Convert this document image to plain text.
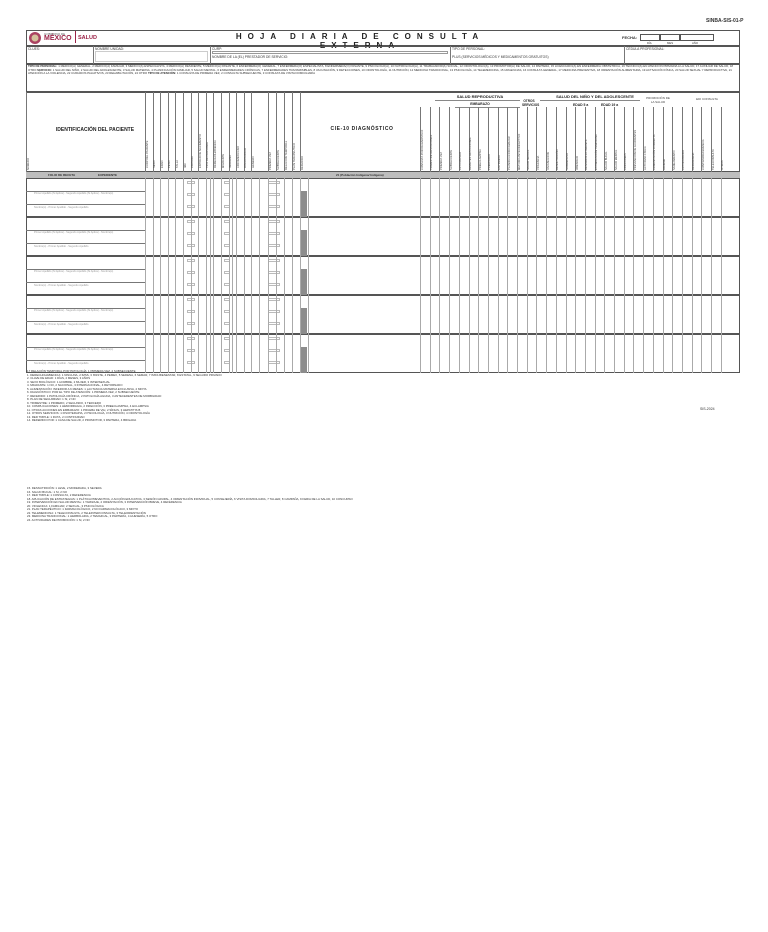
SINBA-SIS-01-P
GOBIERNO DE
MÉXICO SALUD	HOJA DIARIA DE CONSULTA EXTERNA
FECHA:
DÍA	MES	AÑO
CLUES:	NOMBRE UNIDAD:	CURP:
NOMBRE DE LA (EL) PRESTADOR DE SERVICIO:
TIPO DE PERSONAL:
PLUS (SERVICIOS MÉDICOS Y MEDICAMENTOS GRATUITOS)
CÉDULA PROFESIONAL:
TIPO DE PERSONAL: 1 MÉDICO(A) GENERAL, 2 MÉDICO(A) FAMILIAR, 3 MÉDICO(A) ESPECIALISTA, 4 MÉDICO(A) RESIDENTE, 5 MÉDICO(A) PASANTE, 6 ENFERMERA(O) GENERAL, 7 ENFERMERA(O) ESPECIALISTA, 8 ENFERMERA(O) PASANTE, 9 PSICÓLOGO(A), 10 NUTRIÓLOGO(A), 11 TRABAJADOR(A) SOCIAL, 12 ODONTÓLOGO(A), 13 PROMOTOR(A) DE SALUD, 14 PARTERA, 15 LICENCIADO(A) EN ENFERMERÍA OBSTÉTRICA, 16 TÉCNICO(A) EN ATENCIÓN PRIMARIA A LA SALUD, 17 AUXILIAR DE SALUD, 18 OTRO SERVICIO: 1 SALUD DEL NIÑO, 2 SALUD DEL ADOLESCENTE, 3 SALUD MATERNA, 4 PLANIFICACIÓN FAMILIAR, 5 SALUD MENTAL, 6 ENFERMEDADES CRÓNICAS, 7 ENFERMEDADES TRANSMISIBLES, 8 VACUNACIÓN, 9 DETECCIONES, 10 ODONTOLOGÍA, 11 NUTRICIÓN, 12 MEDICINA TRADICIONAL, 13 PSICOLOGÍA, 14 TELEMEDICINA, 15 URGENCIAS, 16 CONSULTA GENERAL, 17 MEDICINA PREVENTIVA, 18 ORIENTACIÓN ALIMENTARIA, 19 ACTIVACIÓN FÍSICA, 20 SALUD SEXUAL Y REPRODUCTIVA, 21 ATENCIÓN A LA VIOLENCIA, 22 CUIDADOS PALIATIVOS, 23 REHABILITACIÓN, 24 OTRO TIPO DE ATENCIÓN: 1 CONSULTA DE PRIMERA VEZ, 2 CONSULTA SUBSECUENTE, 3 CONSULTA DE VISITA DOMICILIARIA
IDENTIFICACIÓN DEL PACIENTE	CIE-10 DIAGNÓSTICO
SALUD REPRODUCTIVA
EMBARAZO
SALUD DEL NIÑO Y DEL ADOLESCENTE
EDAD 5 a	EDAD 19 a
PROMOCIÓN DE LA SALUD
EDI CONSULTA
OTROS SERVICIOS
NÚMERO	CURP DEL PACIENTE	SEXO	EDAD	PESO	TALLA	IMC	CINTURA	ENTIDAD DE NACIMIENTO	TIPO DE PERSONAL	DERECHOHABIENCIA	MIGRANTE	INDÍGENA	AFROMEXICANO	DISCAPACIDAD	GÉNERO	PRIMERA VEZ	SUBSECUENTE	RELACIÓN TEMPORAL	PLAN TERAPÉUTICO	REFERIDO	CONSULTA POR DIAGNÓSTICO	TRIMESTRE GESTACIONAL	PRIMERA VEZ	SUBSECUENTE	ALTO RIESGO	DIABETES GESTACIONAL	PREECLAMPSIA	PUERPERIO	LACTANCIA	PLANIFICACIÓN FAMILIAR	METODO ANTICONCEPTIVO	SALUD SEXUAL	VIOLENCIA	VACUNACIÓN	DESNUTRICIÓN	SOBREPESO	OBESIDAD	DESARROLLO INFANTIL	ESTIMULACIÓN TEMPRANA	SALUD BUCAL	SALUD MENTAL	ADICCIONES	PREVENCIÓN DE ACCIDENTES	ACTIVIDAD FÍSICA	ALIMENTACIÓN CORRECTA	HIGIENE	SANEAMIENTO	AUTOCUIDADO	REFERENCIA	CONTRARREFERENCIA	TELECONSULTA	OTROS
FOLIO DE RECETA	EXPEDIENTE	21 (Población Indígena/ Indígena)
Primer Apellido (Si Aplica) - Segundo Apellido (Si Aplica) - Nombre(s)
Nombre(s) - Primer Apellido - Segundo Apellido
Primer Apellido (Si Aplica) - Segundo Apellido (Si Aplica) - Nombre(s)
Nombre(s) - Primer Apellido - Segundo Apellido
Primer Apellido (Si Aplica) - Segundo Apellido (Si Aplica) - Nombre(s)
Nombre(s) - Primer Apellido - Segundo Apellido
Primer Apellido (Si Aplica) - Segundo Apellido (Si Aplica) - Nombre(s)
Nombre(s) - Primer Apellido - Segundo Apellido
Primer Apellido (Si Aplica) - Segundo Apellido (Si Aplica) - Nombre(s)
Nombre(s) - Primer Apellido - Segundo Apellido
17 RELACIÓN TEMPORAL POR PATOLOGÍA: 1 PRIMERA VEZ, 2 SUBSECUENTE
1. DERECHOHABIENCIA: 1 NINGUNA, 2 IMSS, 3 ISSSTE, 4 PEMEX, 5 SEDENA, 6 SEMAR, 7 IMSS BIENESTAR, 8 ESTATAL, 9 SEGURO PRIVADO
2. CLAVE DE EDAD: 1 DÍAS, 2 MESES, 3 AÑOS
3. SEXO BIOLÓGICO: 1 HOMBRE, 2 MUJER, 3 INTERSEXUAL
4. MIGRANTE: 1 NO, 2 NACIONAL, 3 INTERNACIONAL, 4 RETORNADO
5. ALIMENTACIÓN: INFERIOR A 6 MESES: 1 LACTANCIA MATERNA EXCLUSIVA, 2 MIXTA
6. DIAGNÓSTICO: POR EL TIPO DE ATENCIÓN: 1 PRIMERA VEZ, 2 SUBSECUENTE
7. REFERIDO: 1 PATOLOGÍA CRÓNICA, 2 PATOLOGÍA AGUDA, 3 ANTECEDENTES DE MORBILIDAD
8. PLAN DE SEGURIDAD: 1 SI, 2 NO
9. TRIMESTRE: 1 PRIMERO, 2 SEGUNDO, 3 TERCERO
10. COMPLICACIONES: 1 HEMORRAGIA, 2 INFECCIÓN, 3 PREECLAMPSIA, 4 ECLAMPSIA
11. OTRAS ACCIONES EN EMBARAZO: 1 PRUEBA DE VIH, 2 SÍFILIS, 3 HEPATITIS B
12. OTROS SERVICIOS: 1 FISIOTERAPIA, 2 PSICOLOGÍA, 3 NUTRICIÓN, 4 ODONTOLOGÍA
13. RED TRIPLE: 1 RUTA, 2 CONTINUIDAD
14. REFERIDO POR: 1 CASA DE SALUD, 2 PROMOTOR, 3 PARTERA, 4 BRIGADA
SIS-2024
15. DESNUTRICIÓN: 1 LEVE, 2 MODERADA, 3 SEVERA
16. SALUD BUCAL: 1 SI, 2 NO
17. RED TRIPLE: 1 CONSULTA, 2 REFERENCIA
18. APLICACIÓN DE ESTRATEGIAS: 1 PLÁTICA PREVENTIVA, 2 ACCIÓN EDUCATIVA, 3 SESIÓN GRUPAL, 4 ORIENTACIÓN INDIVIDUAL, 5 CONSEJERÍA, 6 VISITA DOMICILIARIA, 7 TALLER, 8 CAMPAÑA, 9 FERIA DE LA SALUD, 10 CONCURSO
19. INTERVENCIÓN EN SALUD MENTAL: 1 TAMIZAJE, 2 ORIENTACIÓN, 3 INTERVENCIÓN BREVE, 4 REFERENCIA
20. VIOLENCIA: 1 FAMILIAR, 2 SEXUAL, 3 PSICOLÓGICA
21. PLAN TERAPÉUTICO: 1 FARMACOLÓGICO, 2 NO FARMACOLÓGICO, 3 MIXTO
22. TELEMEDICINA: 1 TELECONSULTA, 2 TELEINTERCONSULTA, 3 TELEORIENTACIÓN
23. MEDICINA TRADICIONAL: 1 HERBOLARIA, 2 TEMAZCAL, 3 PARTERÍA, 4 HUESERÍA, 5 OTRO
24. ACTIVIDADES DE PROMOCIÓN: 1 SI, 2 NO
